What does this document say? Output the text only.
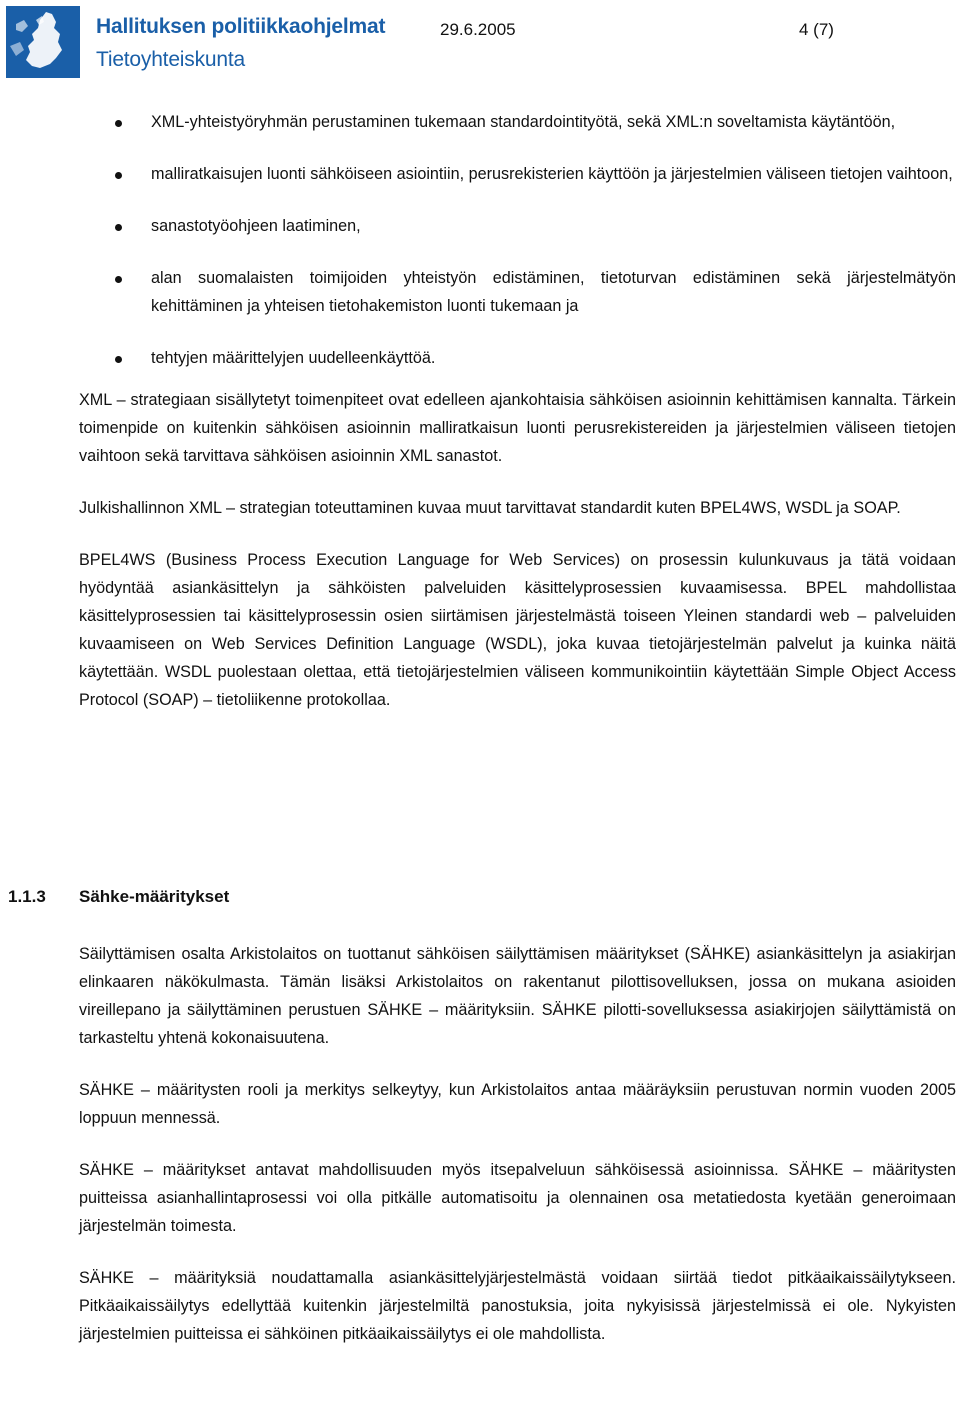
Hallituksen politiikkaohjelmat
Tietoyhteiskunta
29.6.2005	4 (7)
XML-yhteistyöryhmän perustaminen tukemaan standardointityötä, sekä XML:n soveltamista käytäntöön,
malliratkaisujen luonti sähköiseen asiointiin, perusrekisterien käyttöön ja järjestelmien väliseen tietojen vaihtoon,
sanastotyöohjeen laatiminen,
alan suomalaisten toimijoiden yhteistyön edistäminen, tietoturvan edistäminen sekä järjestelmätyön kehittäminen ja yhteisen tietohakemiston luonti tukemaan ja
tehtyjen määrittelyjen uudelleenkäyttöä.

XML – strategiaan sisällytetyt toimenpiteet ovat edelleen ajankohtaisia sähköisen asioinnin kehittämisen kannalta. Tärkein toimenpide on kuitenkin sähköisen asioinnin malliratkaisun luonti perusrekistereiden ja järjestelmien väliseen tietojen vaihtoon sekä tarvittava sähköisen asioinnin XML sanastot.

Julkishallinnon XML – strategian toteuttaminen kuvaa muut tarvittavat standardit kuten BPEL4WS, WSDL ja SOAP.

BPEL4WS (Business Process Execution Language for Web Services) on prosessin kulunkuvaus ja tätä voidaan hyödyntää asiankäsittelyn ja sähköisten palveluiden käsittelyprosessien kuvaamisessa. BPEL mahdollistaa käsittelyprosessien tai käsittelyprosessin osien siirtämisen järjestelmästä toiseen Yleinen standardi web – palveluiden kuvaamiseen on Web Services Definition Language (WSDL), joka kuvaa tietojärjestelmän palvelut ja kuinka näitä käytettään. WSDL puolestaan olettaa, että tietojärjestelmien väliseen kommunikointiin käytettään Simple Object Access Protocol (SOAP) – tietoliikenne protokollaa.

1.1.3 Sähke-määritykset

Säilyttämisen osalta Arkistolaitos on tuottanut sähköisen säilyttämisen määritykset (SÄHKE) asiankäsittelyn ja asiakirjan elinkaaren näkökulmasta. Tämän lisäksi Arkistolaitos on rakentanut pilottisovelluksen, jossa on mukana asioiden vireillepano ja säilyttäminen perustuen SÄHKE – määrityksiin. SÄHKE pilotti-sovelluksessa asiakirjojen säilyttämistä on tarkasteltu yhtenä kokonaisuutena.

SÄHKE – määritysten rooli ja merkitys selkeytyy, kun Arkistolaitos antaa määräyksiin perustuvan normin vuoden 2005 loppuun mennessä.

SÄHKE – määritykset antavat mahdollisuuden myös itsepalveluun sähköisessä asioinnissa. SÄHKE – määritysten puitteissa asianhallintaprosessi voi olla pitkälle automatisoitu ja olennainen osa metatiedosta kyetään generoimaan järjestelmän toimesta.

SÄHKE – määrityksiä noudattamalla asiankäsittelyjärjestelmästä voidaan siirtää tiedot pitkäaikaissäilytykseen. Pitkäaikaissäilytys edellyttää kuitenkin järjestelmiltä panostuksia, joita nykyisissä järjestelmissä ei ole. Nykyisten järjestelmien puitteissa ei sähköinen pitkäaikaissäilytys ei ole mahdollista.
